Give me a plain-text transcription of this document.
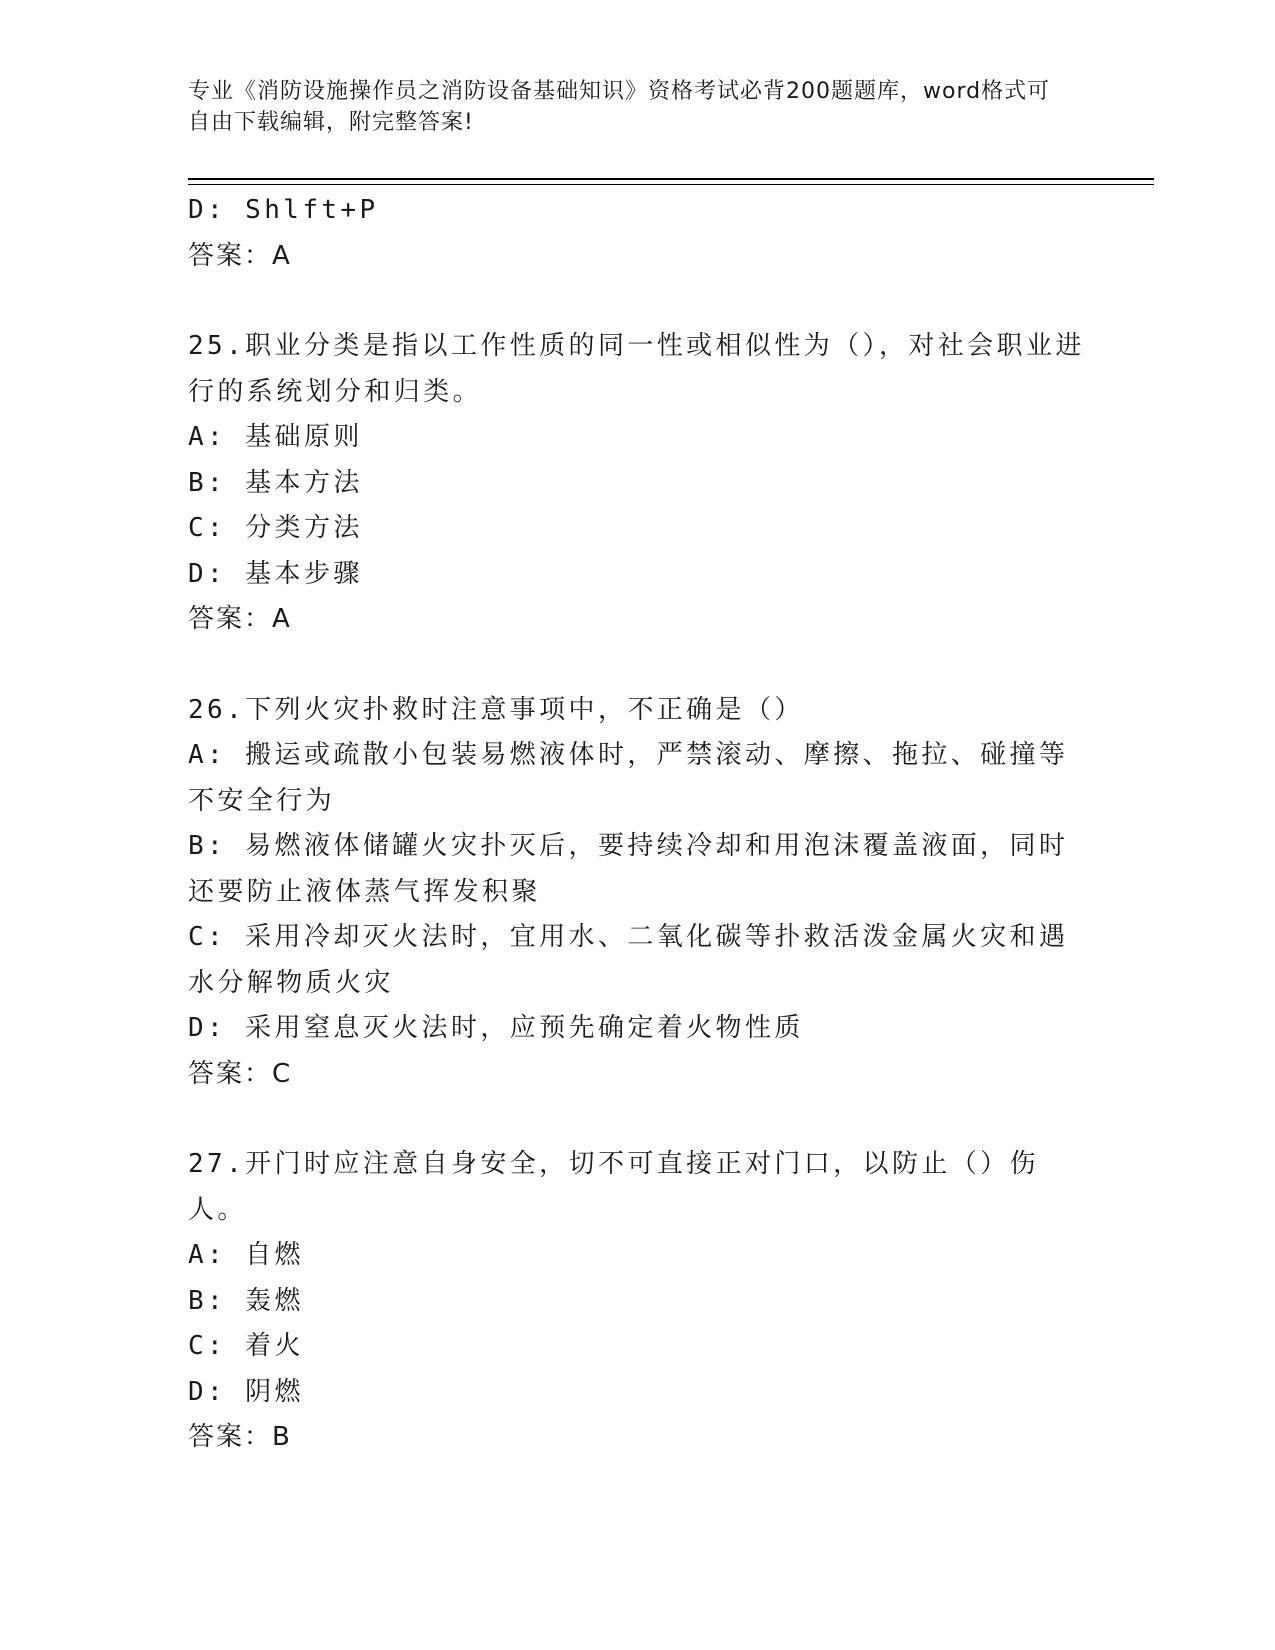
专业《消防设施操作员之消防设备基础知识》资格考试必背200题题库，word格式可自由下载编辑，附完整答案!
D: Shlft+P
答案：A
25.职业分类是指以工作性质的同一性或相似性为（），对社会职业进行的系统划分和归类。
A: 基础原则
B: 基本方法
C: 分类方法
D: 基本步骤
答案：A
26.下列火灾扑救时注意事项中，不正确是（）
A: 搬运或疏散小包装易燃液体时，严禁滚动、摩擦、拖拉、碰撞等不安全行为
B: 易燃液体储罐火灾扑灭后，要持续冷却和用泡沫覆盖液面，同时还要防止液体蒸气挥发积聚
C: 采用冷却灭火法时，宜用水、二氧化碳等扑救活泼金属火灾和遇水分解物质火灾
D: 采用窒息灭火法时，应预先确定着火物性质
答案：C
27.开门时应注意自身安全，切不可直接正对门口，以防止（）伤人。
A: 自燃
B: 轰燃
C: 着火
D: 阴燃
答案：B
